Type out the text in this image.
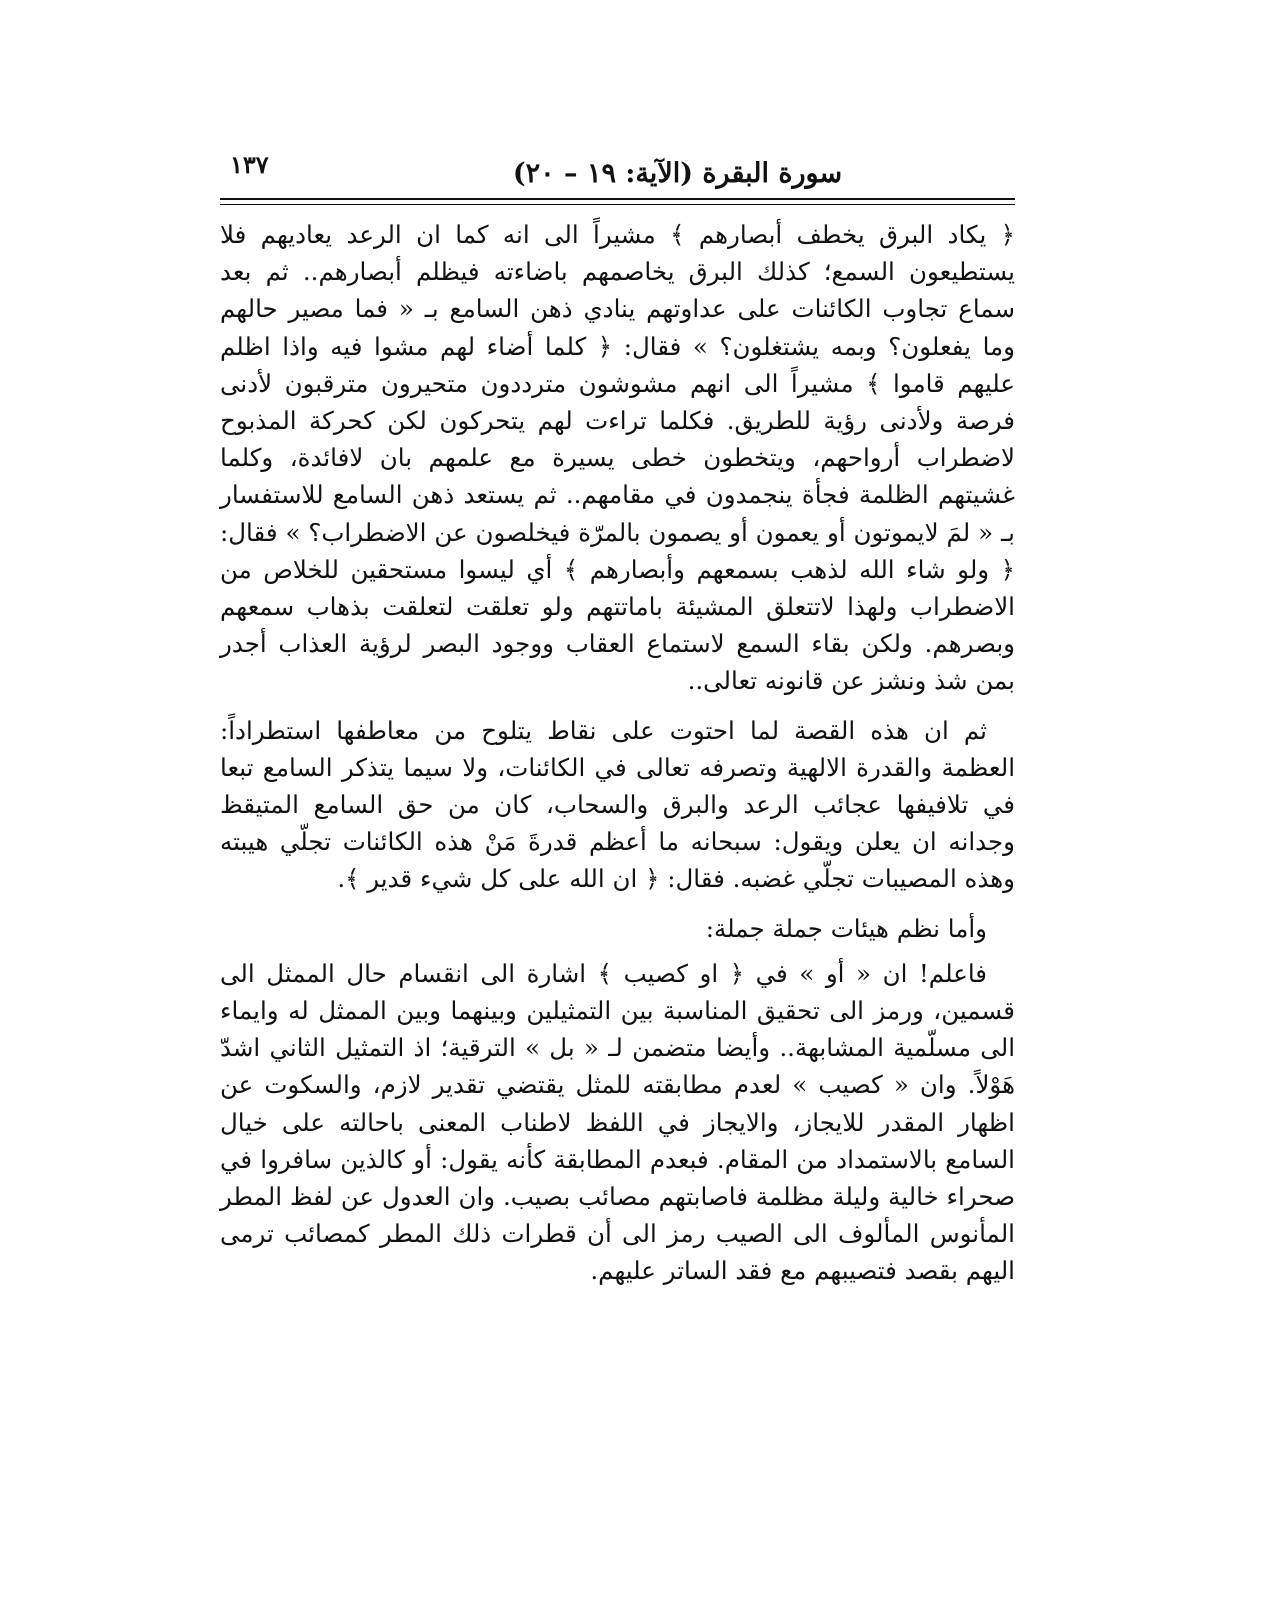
سورة البقرة (الآية: ١٩ – ٢٠)
١٣٧

﴿ يكاد البرق يخطف أبصارهم ﴾ مشيراً الى انه كما ان الرعد يعاديهم فلا يستطيعون السمع؛ كذلك البرق يخاصمهم باضاءته فيظلم أبصارهم.. ثم بعد سماع تجاوب الكائنات على عداوتهم ينادي ذهن السامع بـ « فما مصير حالهم وما يفعلون؟ وبمه يشتغلون؟ » فقال: ﴿ كلما أضاء لهم مشوا فيه واذا اظلم عليهم قاموا ﴾ مشيراً الى انهم مشوشون مترددون متحيرون مترقبون لأدنى فرصة ولأدنى رؤية للطريق. فكلما تراءت لهم يتحركون لكن كحركة المذبوح لاضطراب أرواحهم، ويتخطون خطى يسيرة مع علمهم بان لافائدة، وكلما غشيتهم الظلمة فجأة ينجمدون في مقامهم.. ثم يستعد ذهن السامع للاستفسار بـ « لمَ لايموتون أو يعمون أو يصمون بالمرّة فيخلصون عن الاضطراب؟ » فقال: ﴿ ولو شاء الله لذهب بسمعهم وأبصارهم ﴾ أي ليسوا مستحقين للخلاص من الاضطراب ولهذا لاتتعلق المشيئة باماتتهم ولو تعلقت لتعلقت بذهاب سمعهم وبصرهم. ولكن بقاء السمع لاستماع العقاب ووجود البصر لرؤية العذاب أجدر بمن شذ ونشز عن قانونه تعالى..

ثم ان هذه القصة لما احتوت على نقاط يتلوح من معاطفها استطراداً: العظمة والقدرة الالهية وتصرفه تعالى في الكائنات، ولا سيما يتذكر السامع تبعا في تلافيفها عجائب الرعد والبرق والسحاب، كان من حق السامع المتيقظ وجدانه ان يعلن ويقول: سبحانه ما أعظم قدرةَ مَنْ هذه الكائنات تجلّي هيبته وهذه المصيبات تجلّي غضبه. فقال: ﴿ ان الله على كل شيء قدير ﴾.

وأما نظم هيئات جملة جملة:

فاعلم! ان « أو » في ﴿ او كصيب ﴾ اشارة الى انقسام حال الممثل الى قسمين، ورمز الى تحقيق المناسبة بين التمثيلين وبينهما وبين الممثل له وايماء الى مسلّمية المشابهة.. وأيضا متضمن لـ « بل » الترقية؛ اذ التمثيل الثاني اشدّ هَوْلاً. وان « كصيب » لعدم مطابقته للمثل يقتضي تقدير لازم، والسكوت عن اظهار المقدر للايجاز، والايجاز في اللفظ لاطناب المعنى باحالته على خيال السامع بالاستمداد من المقام. فبعدم المطابقة كأنه يقول: أو كالذين سافروا في صحراء خالية وليلة مظلمة فاصابتهم مصائب بصيب. وان العدول عن لفظ المطر المأنوس المألوف الى الصيب رمز الى أن قطرات ذلك المطر كمصائب ترمى اليهم بقصد فتصيبهم مع فقد الساتر عليهم.
